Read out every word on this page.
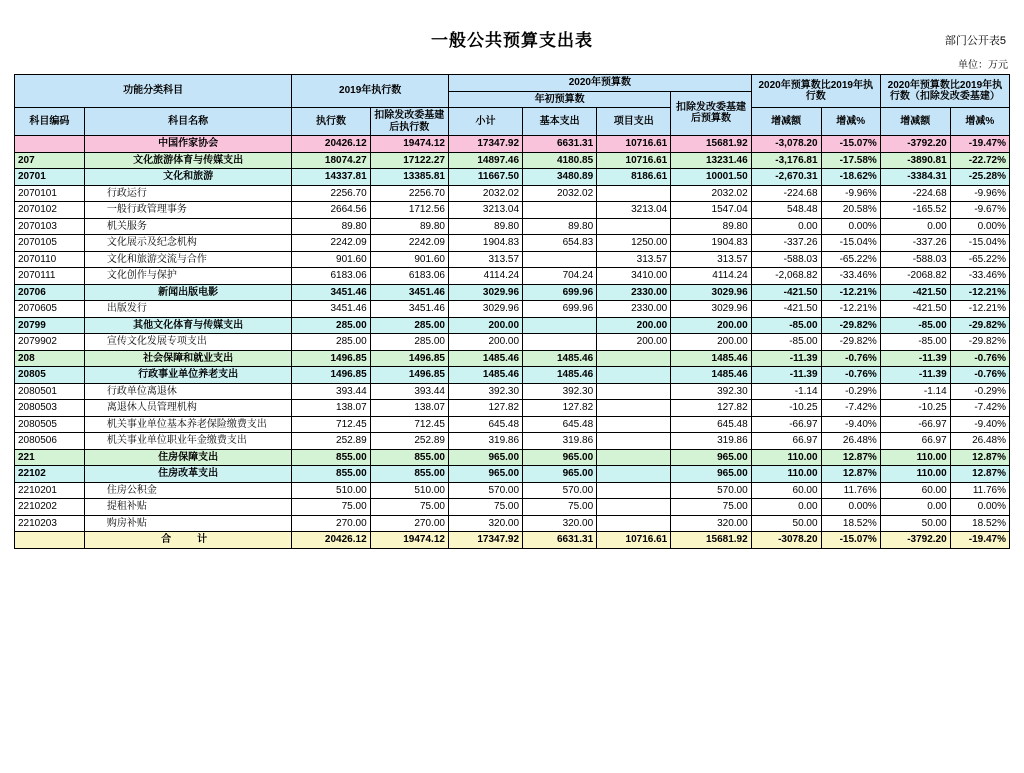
部门公开表5
一般公共预算支出表
单位：万元
功能分类科目		2019年执行数		2020年预算数				2020年预算数比2019年执行数		2020年预算数比2019年执行数（扣除发改委基建）	
				年初预算数			扣除发改委基建后预算数				
科目编码	科目名称	执行数	扣除发改委基建后执行数	小计	基本支出	项目支出		增减额	增减%	增减额	增减%
	中国作家协会	20426.12	19474.12	17347.92	6631.31	10716.61	15681.92	-3,078.20	-15.07%	-3792.20	-19.47%
207	文化旅游体育与传媒支出	18074.27	17122.27	14897.46	4180.85	10716.61	13231.46	-3,176.81	-17.58%	-3890.81	-22.72%
20701	文化和旅游	14337.81	13385.81	11667.50	3480.89	8186.61	10001.50	-2,670.31	-18.62%	-3384.31	-25.28%
2070101	行政运行	2256.70	2256.70	2032.02	2032.02		2032.02	-224.68	-9.96%	-224.68	-9.96%
2070102	一般行政管理事务	2664.56	1712.56	3213.04		3213.04	1547.04	548.48	20.58%	-165.52	-9.67%
2070103	机关服务	89.80	89.80	89.80	89.80		89.80	0.00	0.00%	0.00	0.00%
2070105	文化展示及纪念机构	2242.09	2242.09	1904.83	654.83	1250.00	1904.83	-337.26	-15.04%	-337.26	-15.04%
2070110	文化和旅游交流与合作	901.60	901.60	313.57		313.57	313.57	-588.03	-65.22%	-588.03	-65.22%
2070111	文化创作与保护	6183.06	6183.06	4114.24	704.24	3410.00	4114.24	-2,068.82	-33.46%	-2068.82	-33.46%
20706	新闻出版电影	3451.46	3451.46	3029.96	699.96	2330.00	3029.96	-421.50	-12.21%	-421.50	-12.21%
2070605	出版发行	3451.46	3451.46	3029.96	699.96	2330.00	3029.96	-421.50	-12.21%	-421.50	-12.21%
20799	其他文化体育与传媒支出	285.00	285.00	200.00		200.00	200.00	-85.00	-29.82%	-85.00	-29.82%
2079902	宣传文化发展专项支出	285.00	285.00	200.00		200.00	200.00	-85.00	-29.82%	-85.00	-29.82%
208	社会保障和就业支出	1496.85	1496.85	1485.46	1485.46		1485.46	-11.39	-0.76%	-11.39	-0.76%
20805	行政事业单位养老支出	1496.85	1496.85	1485.46	1485.46		1485.46	-11.39	-0.76%	-11.39	-0.76%
2080501	行政单位离退休	393.44	393.44	392.30	392.30		392.30	-1.14	-0.29%	-1.14	-0.29%
2080503	离退休人员管理机构	138.07	138.07	127.82	127.82		127.82	-10.25	-7.42%	-10.25	-7.42%
2080505	机关事业单位基本养老保险缴费支出	712.45	712.45	645.48	645.48		645.48	-66.97	-9.40%	-66.97	-9.40%
2080506	机关事业单位职业年金缴费支出	252.89	252.89	319.86	319.86		319.86	66.97	26.48%	66.97	26.48%
221	住房保障支出	855.00	855.00	965.00	965.00		965.00	110.00	12.87%	110.00	12.87%
22102	住房改革支出	855.00	855.00	965.00	965.00		965.00	110.00	12.87%	110.00	12.87%
2210201	住房公积金	510.00	510.00	570.00	570.00		570.00	60.00	11.76%	60.00	11.76%
2210202	提租补贴	75.00	75.00	75.00	75.00		75.00	0.00	0.00%	0.00	0.00%
2210203	购房补贴	270.00	270.00	320.00	320.00		320.00	50.00	18.52%	50.00	18.52%
	合　计	20426.12	19474.12	17347.92	6631.31	10716.61	15681.92	-3078.20	-15.07%	-3792.20	-19.47%
